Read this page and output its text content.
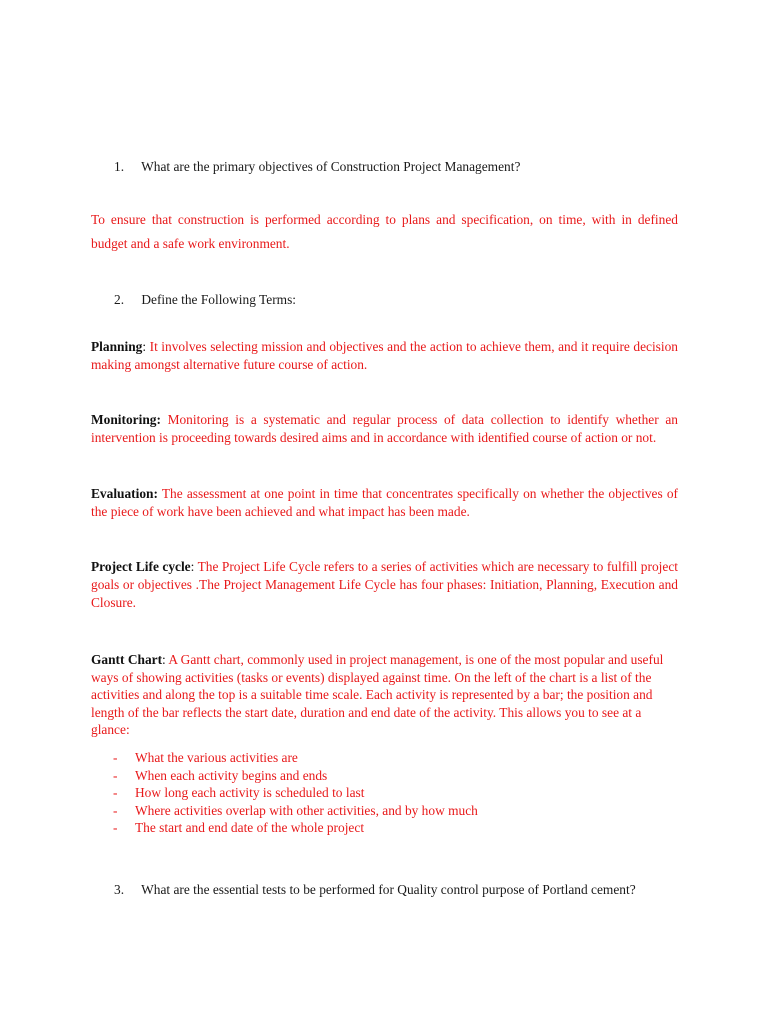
1. What are the primary objectives of Construction Project Management?
To ensure that construction is performed according to plans and specification, on time, with in defined budget and a safe work environment.
2. Define the Following Terms:
Planning: It involves selecting mission and objectives and the action to achieve them, and it require decision making amongst alternative future course of action.
Monitoring: Monitoring is a systematic and regular process of data collection to identify whether an intervention is proceeding towards desired aims and in accordance with identified course of action or not.
Evaluation: The assessment at one point in time that concentrates specifically on whether the objectives of the piece of work have been achieved and what impact has been made.
Project Life cycle: The Project Life Cycle refers to a series of activities which are necessary to fulfill project goals or objectives .The Project Management Life Cycle has four phases: Initiation, Planning, Execution and Closure.
Gantt Chart: A Gantt chart, commonly used in project management, is one of the most popular and useful ways of showing activities (tasks or events) displayed against time. On the left of the chart is a list of the activities and along the top is a suitable time scale. Each activity is represented by a bar; the position and length of the bar reflects the start date, duration and end date of the activity. This allows you to see at a glance:
- What the various activities are
- When each activity begins and ends
- How long each activity is scheduled to last
- Where activities overlap with other activities, and by how much
- The start and end date of the whole project
3. What are the essential tests to be performed for Quality control purpose of Portland cement?
